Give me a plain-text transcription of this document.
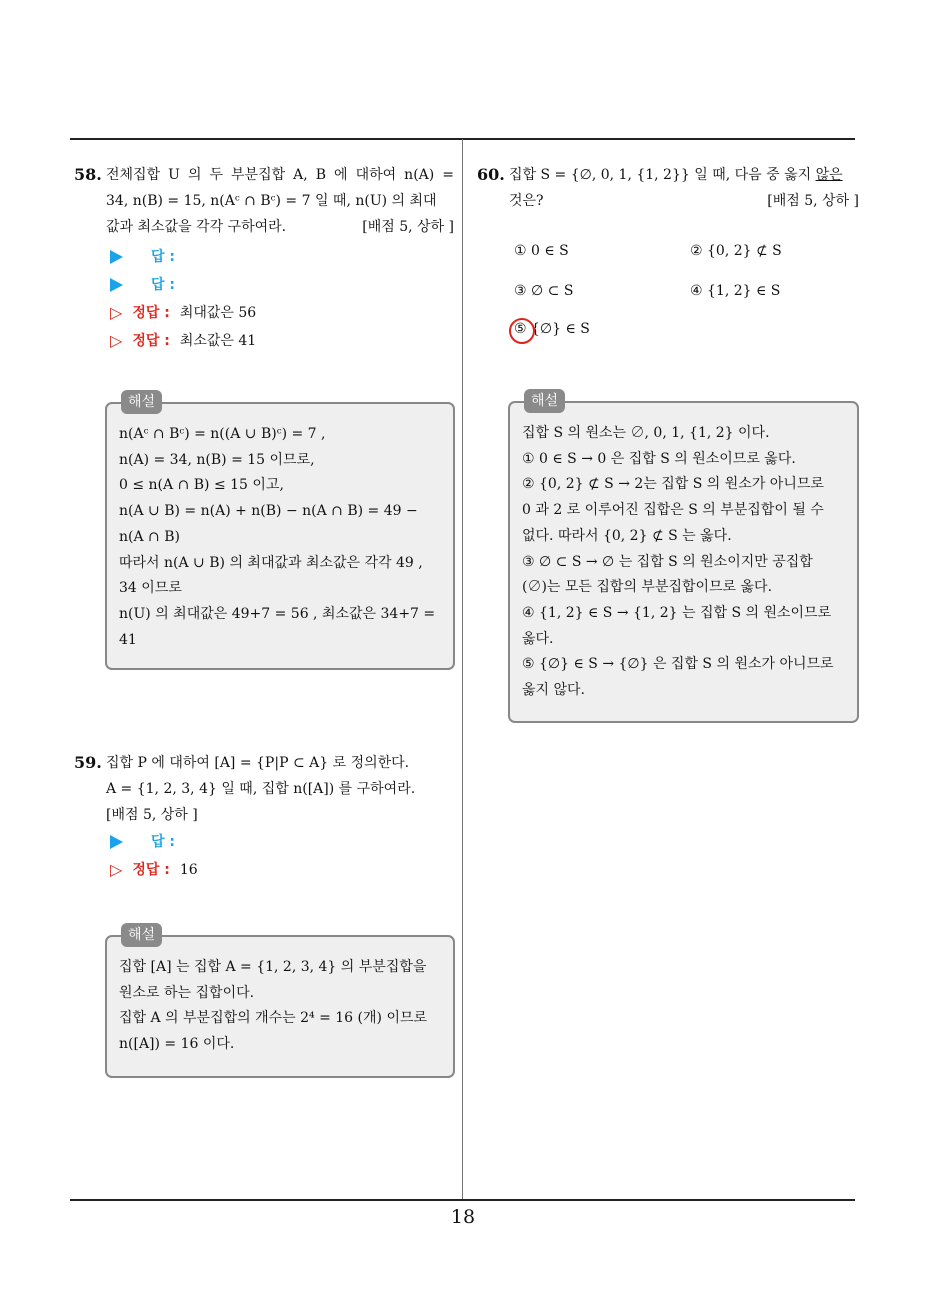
18
58. 전체집합 U 의 두 부분집합 A, B 에 대하여 n(A) =

34, n(B) = 15, n(Aᶜ ∩ Bᶜ) = 7 일 때, n(U) 의 최대

값과 최소값을 각각 구하여라.	[배점 5, 상하 ]

답 :
답 :
▷ 정답 : 최대값은 56
▷ 정답 : 최소값은 41
해설
n(Aᶜ ∩ Bᶜ) = n((A ∪ B)ᶜ) = 7 ,
n(A) = 34, n(B) = 15 이므로,
0 ≤ n(A ∩ B) ≤ 15 이고,
n(A ∪ B) = n(A) + n(B) − n(A ∩ B) = 49 −
n(A ∩ B)
따라서 n(A ∪ B) 의 최대값과 최소값은 각각 49 ,
34 이므로
n(U) 의 최대값은 49+7 = 56 , 최소값은 34+7 =
41
59. 집합 P 에 대하여 [A] = {P|P ⊂ A} 로 정의한다.

A = {1, 2, 3, 4} 일 때, 집합 n([A]) 를 구하여라.

[배점 5, 상하 ]

답 :
▷ 정답 : 16
해설
집합 [A] 는 집합 A = {1, 2, 3, 4} 의 부분집합을
원소로 하는 집합이다.
집합 A 의 부분집합의 개수는 2⁴ = 16 (개) 이므로
n([A]) = 16 이다.
60. 집합 S = {∅, 0, 1, {1, 2}} 일 때, 다음 중 옳지 않은

것은?	[배점 5, 상하 ]

① 0 ∈ S	② {0, 2} ⊄ S
③ ∅ ⊂ S	④ {1, 2} ∈ S
⑤ {∅} ∈ S
해설
집합 S 의 원소는 ∅, 0, 1, {1, 2} 이다.
① 0 ∈ S → 0 은 집합 S 의 원소이므로 옳다.
② {0, 2} ⊄ S → 2는 집합 S 의 원소가 아니므로
0 과 2 로 이루어진 집합은 S 의 부분집합이 될 수
없다. 따라서 {0, 2} ⊄ S 는 옳다.
③ ∅ ⊂ S → ∅ 는 집합 S 의 원소이지만 공집합
(∅)는 모든 집합의 부분집합이므로 옳다.
④ {1, 2} ∈ S → {1, 2} 는 집합 S 의 원소이므로
옳다.
⑤ {∅} ∈ S → {∅} 은 집합 S 의 원소가 아니므로
옳지 않다.
